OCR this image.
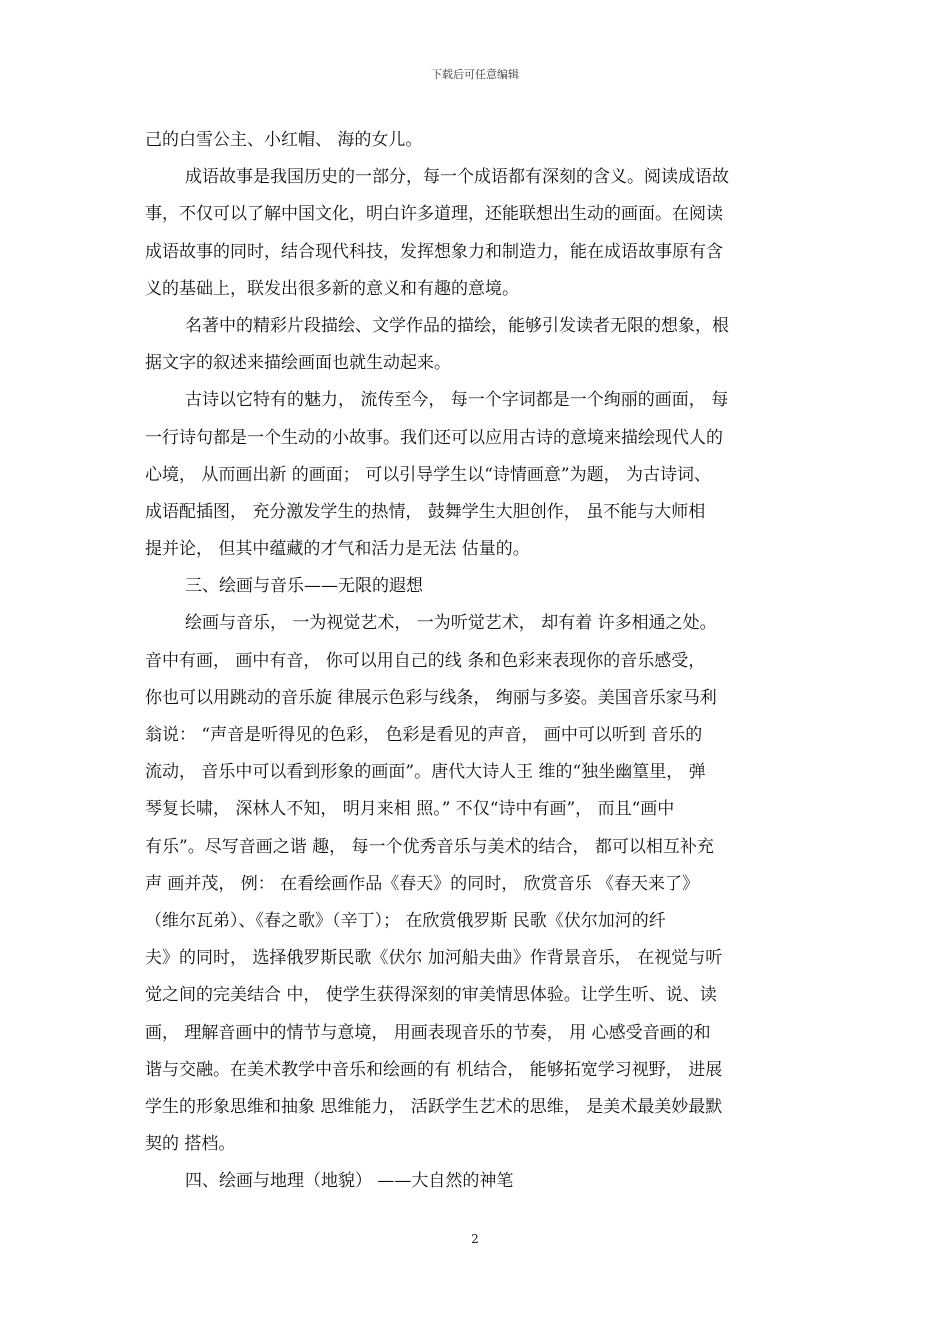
下载后可任意编辑
己的白雪公主、小红帽、 海的女儿。
成语故事是我国历史的一部分，每一个成语都有深刻的含义。阅读成语故
事，不仅可以了解中国文化，明白许多道理，还能联想出生动的画面。在阅读
成语故事的同时，结合现代科技，发挥想象力和制造力，能在成语故事原有含
义的基础上，联发出很多新的意义和有趣的意境。
名著中的精彩片段描绘、文学作品的描绘，能够引发读者无限的想象，根
据文字的叙述来描绘画面也就生动起来。
古诗以它特有的魅力， 流传至今， 每一个字词都是一个绚丽的画面， 每
一行诗句都是一个生动的小故事。我们还可以应用古诗的意境来描绘现代人的
心境， 从而画出新 的画面； 可以引导学生以“诗情画意”为题， 为古诗词、
成语配插图， 充分激发学生的热情， 鼓舞学生大胆创作， 虽不能与大师相
提并论， 但其中蕴藏的才气和活力是无法 估量的。
三、绘画与音乐——无限的遐想
绘画与音乐， 一为视觉艺术， 一为听觉艺术， 却有着 许多相通之处。
音中有画， 画中有音， 你可以用自己的线 条和色彩来表现你的音乐感受，
你也可以用跳动的音乐旋 律展示色彩与线条， 绚丽与多姿。美国音乐家马利
翁说： “声音是听得见的色彩， 色彩是看见的声音， 画中可以听到 音乐的
流动， 音乐中可以看到形象的画面”。唐代大诗人王 维的“独坐幽篁里， 弹
琴复长啸， 深林人不知， 明月来相 照。” 不仅“诗中有画”， 而且“画中
有乐”。尽写音画之谐 趣， 每一个优秀音乐与美术的结合， 都可以相互补充
声 画并茂， 例： 在看绘画作品《春天》的同时， 欣赏音乐 《春天来了》
（维尔瓦弟）、《春之歌》（辛丁）； 在欣赏俄罗斯 民歌《伏尔加河的纤
夫》的同时， 选择俄罗斯民歌《伏尔 加河船夫曲》作背景音乐， 在视觉与听
觉之间的完美结合 中， 使学生获得深刻的审美情思体验。让学生听、说、读
画， 理解音画中的情节与意境， 用画表现音乐的节奏， 用 心感受音画的和
谐与交融。在美术教学中音乐和绘画的有 机结合， 能够拓宽学习视野， 进展
学生的形象思维和抽象 思维能力， 活跃学生艺术的思维， 是美术最美妙最默
契的 搭档。
四、绘画与地理（地貌） ——大自然的神笔
2
